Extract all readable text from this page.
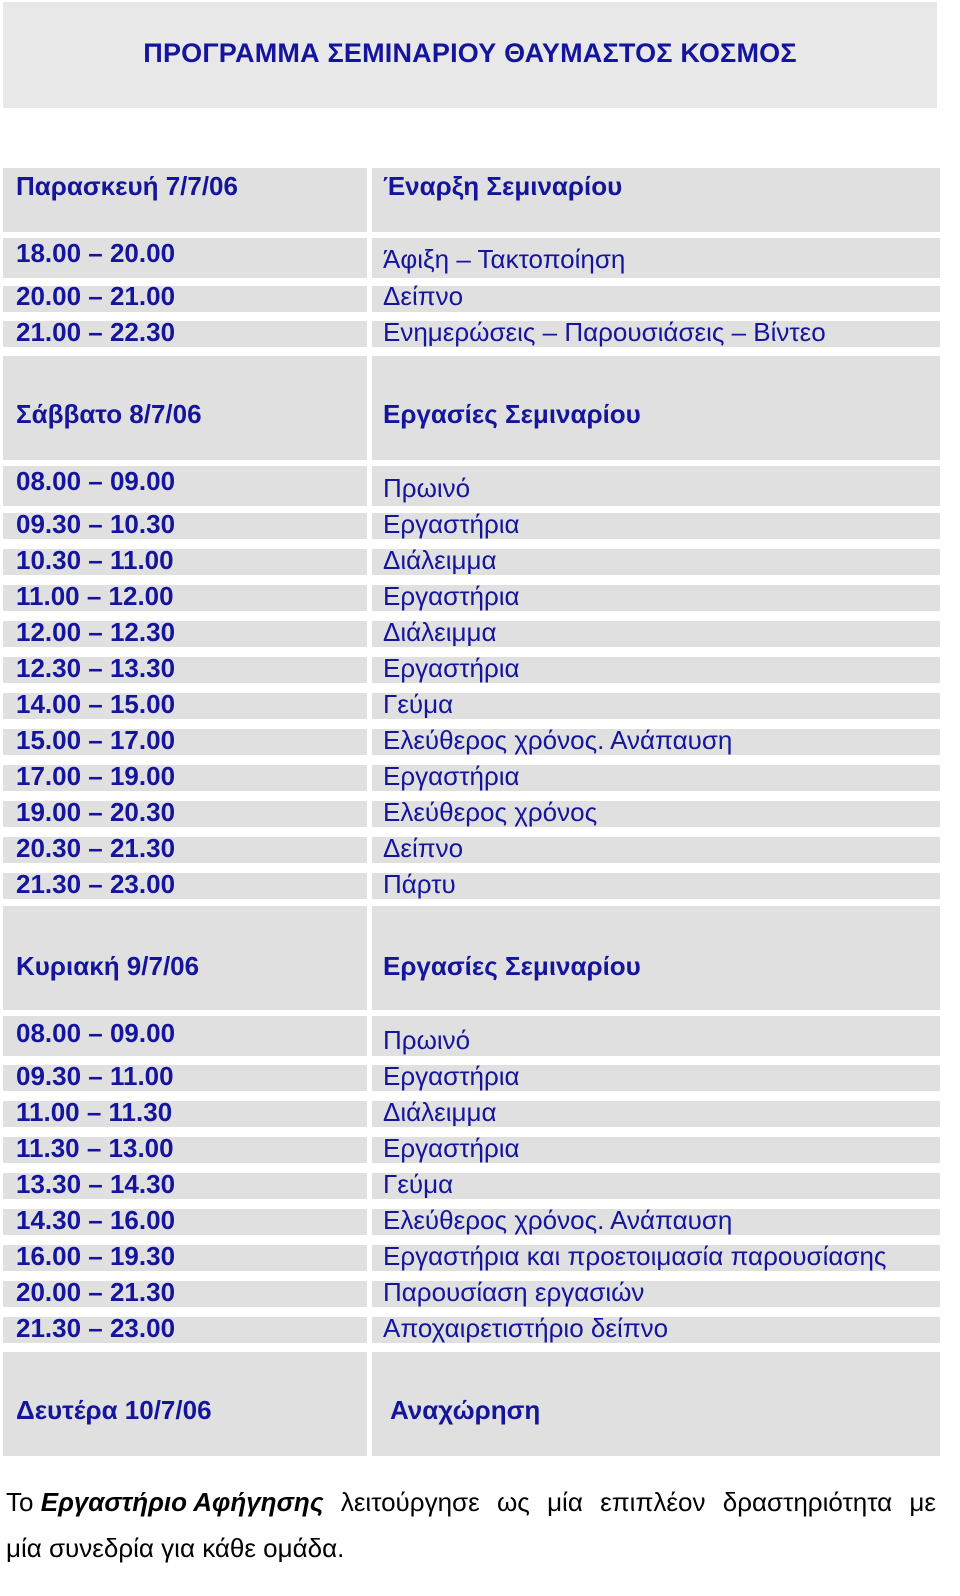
ΠΡΟΓΡΑΜΜΑ ΣΕΜΙΝΑΡΙΟΥ ΘΑΥΜΑΣΤΟΣ ΚΟΣΜΟΣ
Παρασκευή 7/7/06	Έναρξη Σεμιναρίου
18.00 – 20.00	Άφιξη – Τακτοποίηση
20.00 – 21.00	Δείπνο
21.00 – 22.30	Ενημερώσεις – Παρουσιάσεις – Βίντεο
Σάββατο 8/7/06	Εργασίες Σεμιναρίου
08.00 – 09.00	Πρωινό
09.30 – 10.30	Εργαστήρια
10.30 – 11.00	Διάλειμμα
11.00 – 12.00	Εργαστήρια
12.00 – 12.30	Διάλειμμα
12.30 – 13.30	Εργαστήρια
14.00 – 15.00	Γεύμα
15.00 – 17.00	Ελεύθερος χρόνος. Ανάπαυση
17.00 – 19.00	Εργαστήρια
19.00 – 20.30	Ελεύθερος χρόνος
20.30 – 21.30	Δείπνο
21.30 – 23.00	Πάρτυ
Κυριακή 9/7/06	Εργασίες Σεμιναρίου
08.00 – 09.00	Πρωινό
09.30 – 11.00	Εργαστήρια
11.00 – 11.30	Διάλειμμα
11.30 – 13.00	Εργαστήρια
13.30 – 14.30	Γεύμα
14.30 – 16.00	Ελεύθερος χρόνος. Ανάπαυση
16.00 – 19.30	Εργαστήρια και προετοιμασία παρουσίασης
20.00 – 21.30	Παρουσίαση εργασιών
21.30 – 23.00	Αποχαιρετιστήριο δείπνο
Δευτέρα 10/7/06	Αναχώρηση
Το Εργαστήριο Αφήγησης λειτούργησε ως μία επιπλέον δραστηριότητα με
μία συνεδρία για κάθε ομάδα.
